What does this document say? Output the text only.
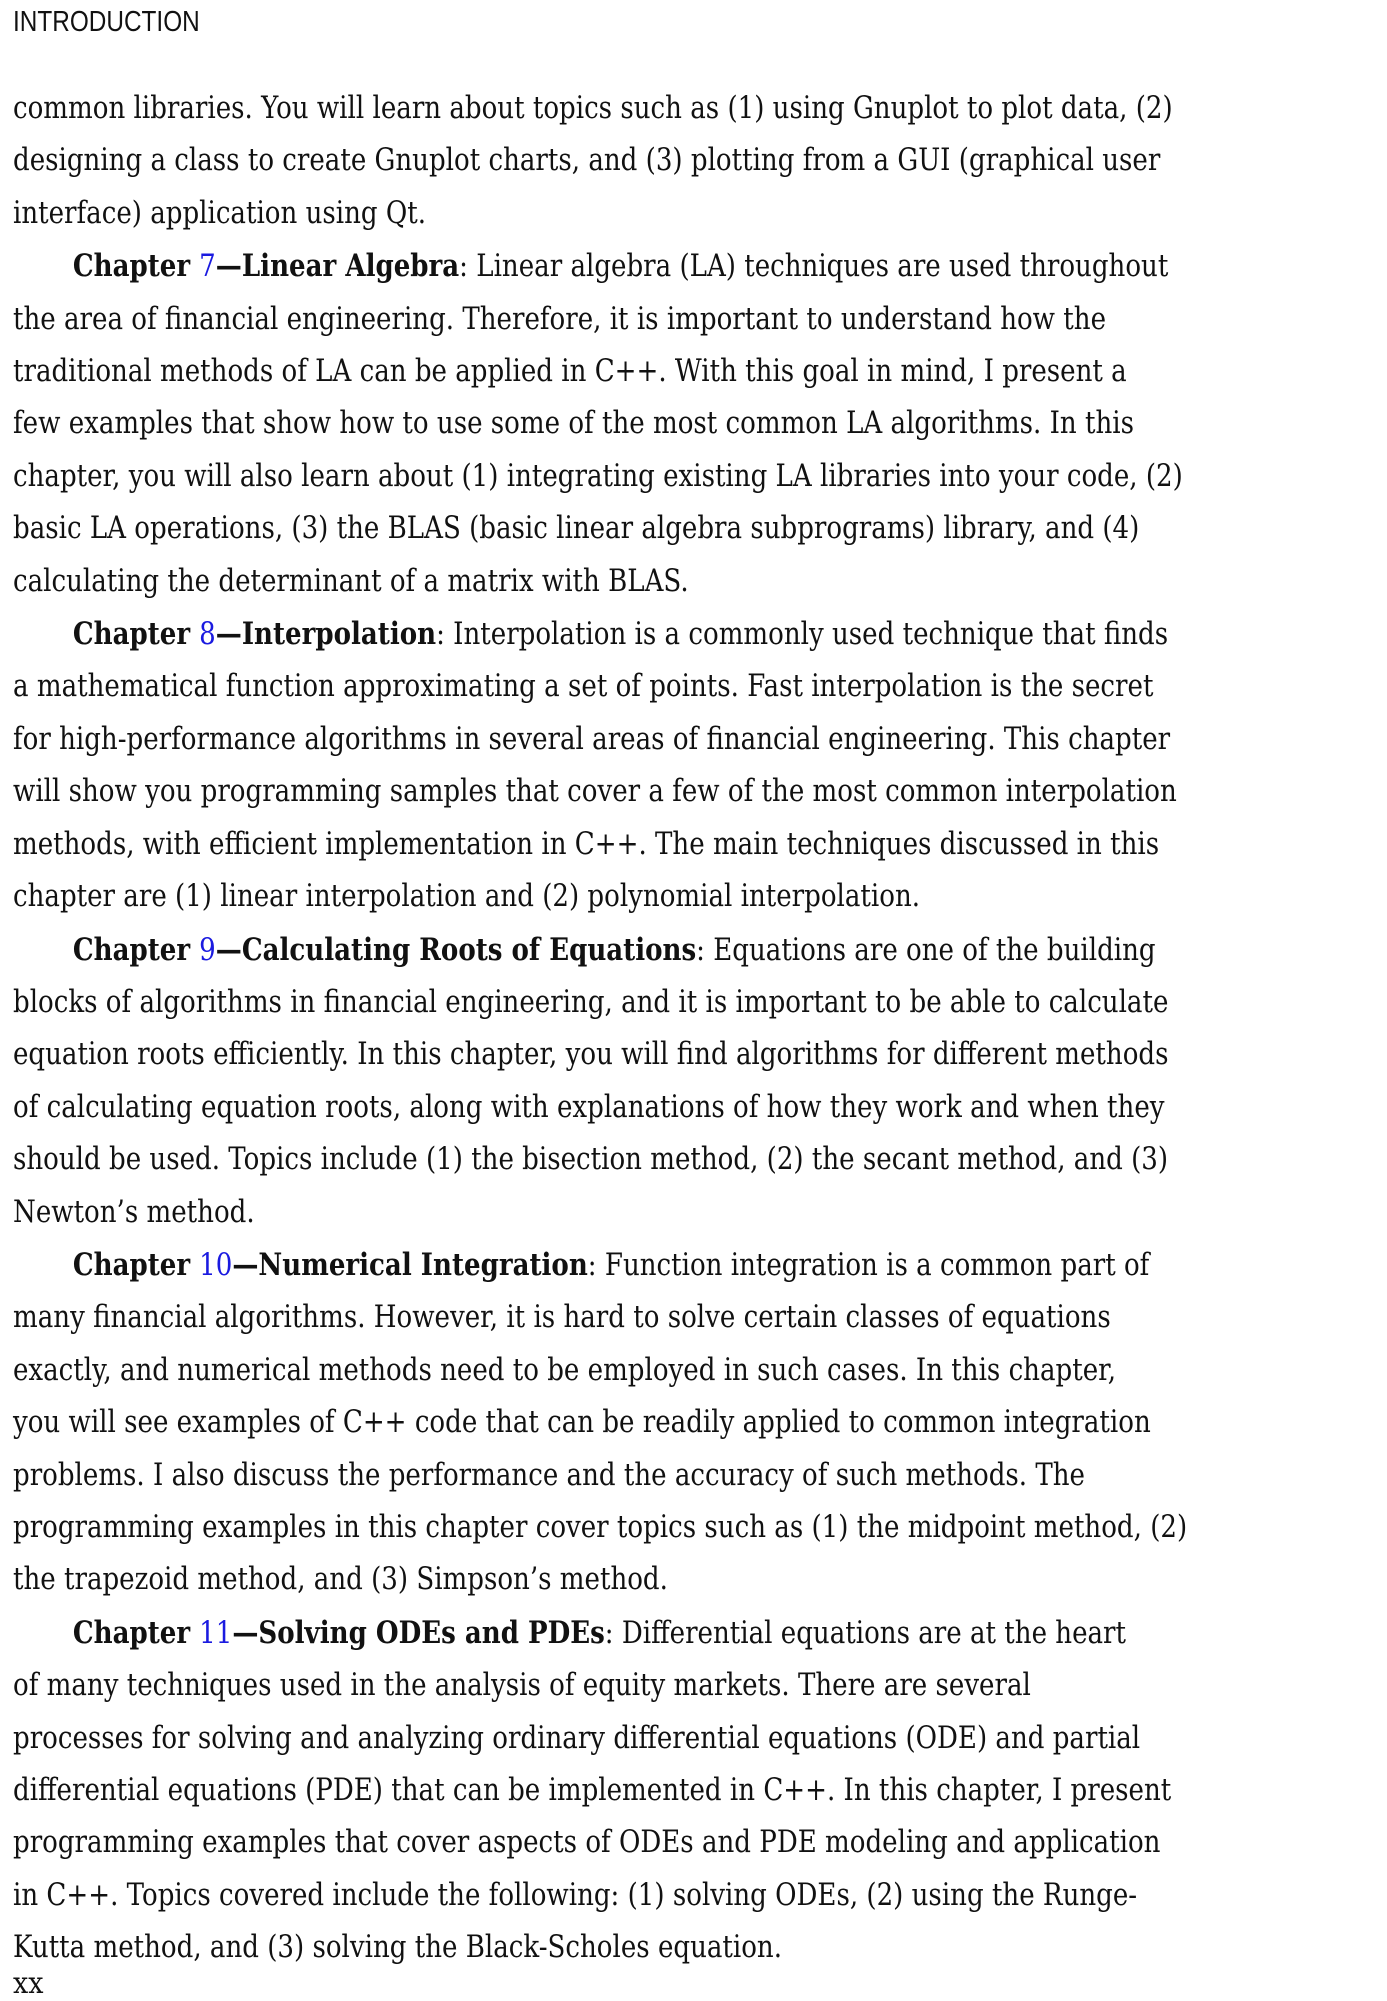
INTRODUCTION
common libraries. You will learn about topics such as (1) using Gnuplot to plot data, (2)
designing a class to create Gnuplot charts, and (3) plotting from a GUI (graphical user
interface) application using Qt.
Chapter 7—Linear Algebra: Linear algebra (LA) techniques are used throughout
the area of financial engineering. Therefore, it is important to understand how the
traditional methods of LA can be applied in C++. With this goal in mind, I present a
few examples that show how to use some of the most common LA algorithms. In this
chapter, you will also learn about (1) integrating existing LA libraries into your code, (2)
basic LA operations, (3) the BLAS (basic linear algebra subprograms) library, and (4)
calculating the determinant of a matrix with BLAS.
Chapter 8—Interpolation: Interpolation is a commonly used technique that finds
a mathematical function approximating a set of points. Fast interpolation is the secret
for high-performance algorithms in several areas of financial engineering. This chapter
will show you programming samples that cover a few of the most common interpolation
methods, with efficient implementation in C++. The main techniques discussed in this
chapter are (1) linear interpolation and (2) polynomial interpolation.
Chapter 9—Calculating Roots of Equations: Equations are one of the building
blocks of algorithms in financial engineering, and it is important to be able to calculate
equation roots efficiently. In this chapter, you will find algorithms for different methods
of calculating equation roots, along with explanations of how they work and when they
should be used. Topics include (1) the bisection method, (2) the secant method, and (3)
Newton’s method.
Chapter 10—Numerical Integration: Function integration is a common part of
many financial algorithms. However, it is hard to solve certain classes of equations
exactly, and numerical methods need to be employed in such cases. In this chapter,
you will see examples of C++ code that can be readily applied to common integration
problems. I also discuss the performance and the accuracy of such methods. The
programming examples in this chapter cover topics such as (1) the midpoint method, (2)
the trapezoid method, and (3) Simpson’s method.
Chapter 11—Solving ODEs and PDEs: Differential equations are at the heart
of many techniques used in the analysis of equity markets. There are several
processes for solving and analyzing ordinary differential equations (ODE) and partial
differential equations (PDE) that can be implemented in C++. In this chapter, I present
programming examples that cover aspects of ODEs and PDE modeling and application
in C++. Topics covered include the following: (1) solving ODEs, (2) using the Runge-
Kutta method, and (3) solving the Black-Scholes equation.
xx
